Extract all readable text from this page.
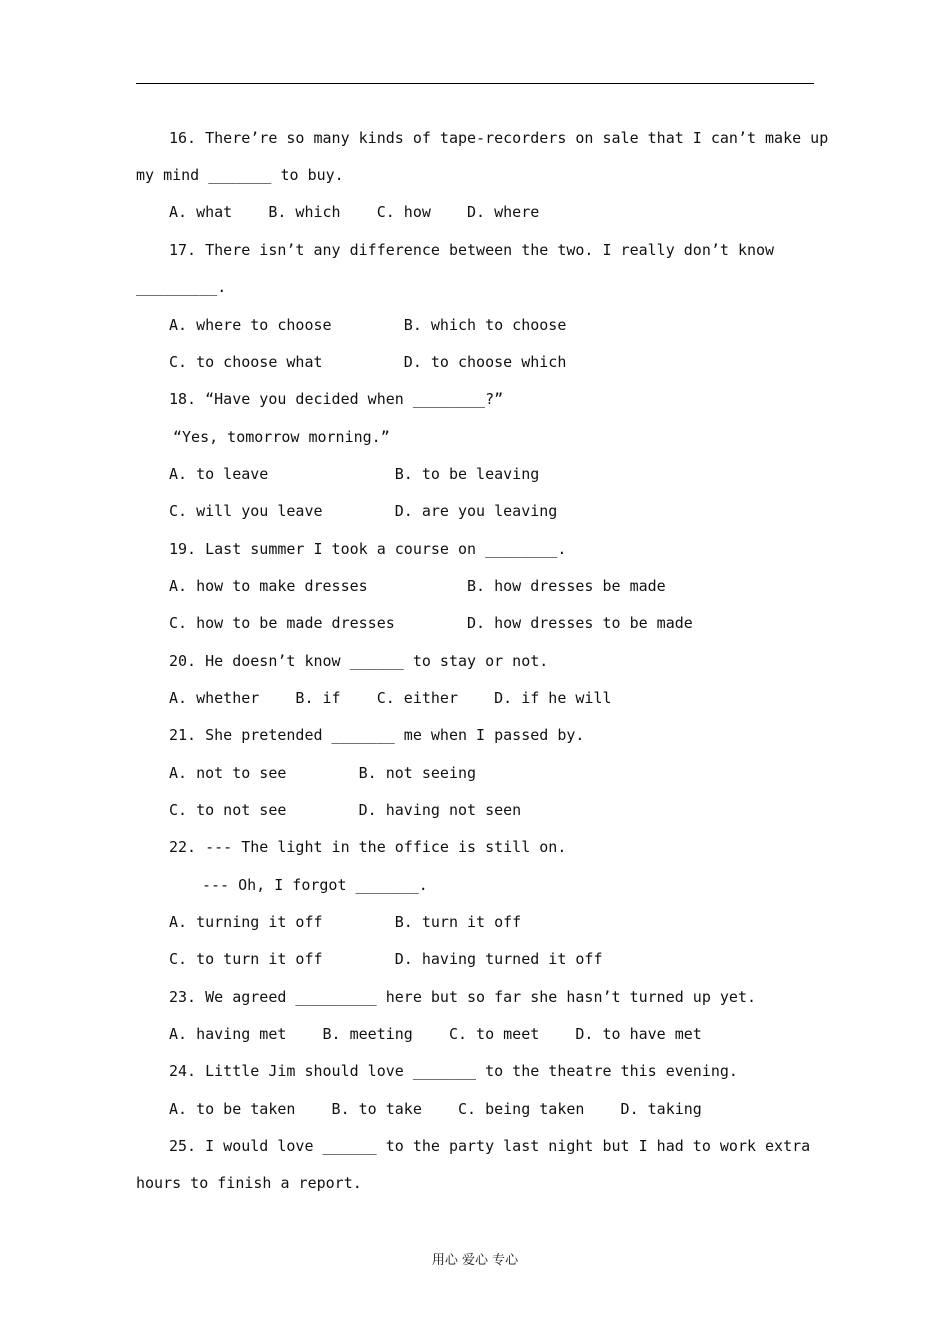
16. There’re so many kinds of tape-recorders on sale that I can’t make up
my mind _______ to buy.
A. what    B. which    C. how    D. where
17. There isn’t any difference between the two. I really don’t know
_________.
A. where to choose        B. which to choose
C. to choose what         D. to choose which
18. “Have you decided when ________?”
“Yes, tomorrow morning.”
A. to leave              B. to be leaving
C. will you leave        D. are you leaving
19. Last summer I took a course on ________.
A. how to make dresses           B. how dresses be made
C. how to be made dresses        D. how dresses to be made
20. He doesn’t know ______ to stay or not.
A. whether    B. if    C. either    D. if he will
21. She pretended _______ me when I passed by.
A. not to see        B. not seeing
C. to not see        D. having not seen
22. --- The light in the office is still on.
--- Oh, I forgot _______.
A. turning it off        B. turn it off
C. to turn it off        D. having turned it off
23. We agreed _________ here but so far she hasn’t turned up yet.
A. having met    B. meeting    C. to meet    D. to have met
24. Little Jim should love _______ to the theatre this evening.
A. to be taken    B. to take    C. being taken    D. taking
25. I would love ______ to the party last night but I had to work extra
hours to finish a report.
用心 爱心 专心
